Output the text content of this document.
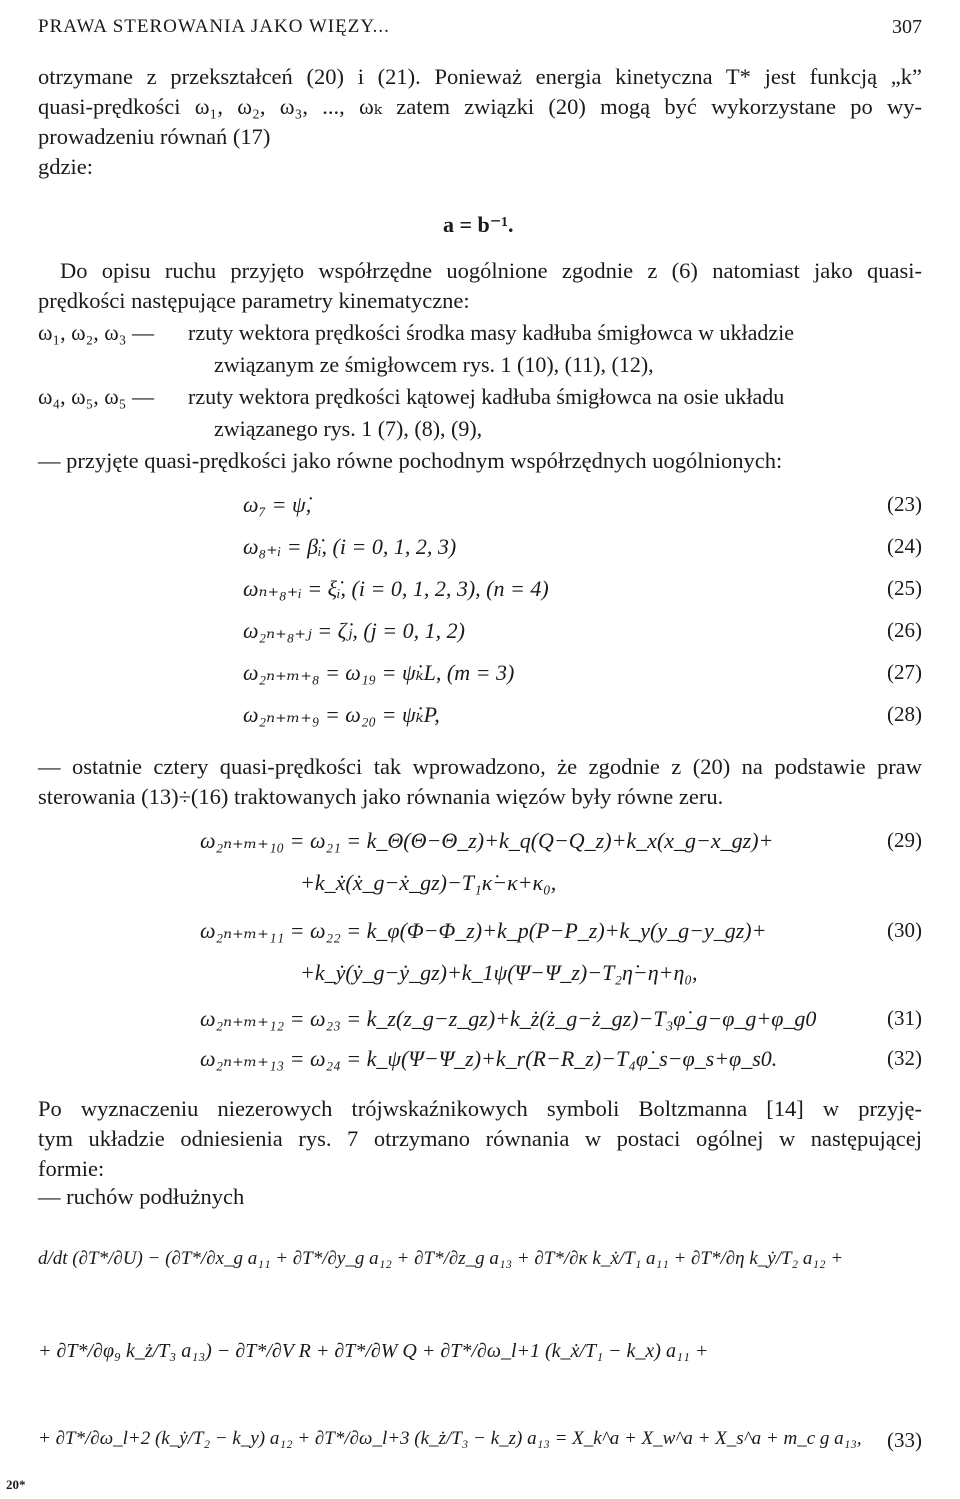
PRAWA STEROWANIA JAKO WIĘZY...	307
otrzymane z przekształceń (20) i (21). Ponieważ energia kinetyczna T* jest funkcją „k”
quasi-prędkości ω₁, ω₂, ω₃, ..., ωₖ zatem związki (20) mogą być wykorzystane po wy-
prowadzeniu równań (17)
gdzie:
a = b⁻¹.
Do opisu ruchu przyjęto współrzędne uogólnione zgodnie z (6) natomiast jako quasi-
prędkości następujące parametry kinematyczne:
ω₁, ω₂, ω₃ — rzuty wektora prędkości środka masy kadłuba śmigłowca w układzie
związanym ze śmigłowcem rys. 1 (10), (11), (12),
ω₄, ω₅, ω₅ — rzuty wektora prędkości kątowej kadłuba śmigłowca na osie układu
związanego rys. 1 (7), (8), (9),
— przyjęte quasi-prędkości jako równe pochodnym współrzędnych uogólnionych:
ω₇ = ψ̇,	(23)
ω₈₊ᵢ = β̇ᵢ, (i = 0, 1, 2, 3)	(24)
ωₙ₊₈₊ᵢ = ξ̇ᵢ, (i = 0, 1, 2, 3), (n = 4)	(25)
ω₂ₙ₊₈₊ⱼ = ζ̇ⱼ, (j = 0, 1, 2)	(26)
ω₂ₙ₊ₘ₊₈ = ω₁₉ = ψ̇ₖL, (m = 3)	(27)
ω₂ₙ₊ₘ₊₉ = ω₂₀ = ψ̇ₖP,	(28)
— ostatnie cztery quasi-prędkości tak wprowadzono, że zgodnie z (20) na podstawie praw
sterowania (13)÷(16) traktowanych jako równania więzów były równe zeru.
ω₂ₙ₊ₘ₊₁₀ = ω₂₁ = k_Θ(Θ−Θ_z)+k_q(Q−Q_z)+k_x(x_g−x_gz)+	(29)
+k_ẋ(ẋ_g−ẋ_gz)−T₁κ̇−κ+κ₀,
ω₂ₙ₊ₘ₊₁₁ = ω₂₂ = k_φ(Φ−Φ_z)+k_p(P−P_z)+k_y(y_g−y_gz)+	(30)
+k_ẏ(ẏ_g−ẏ_gz)+k_1ψ(Ψ−Ψ_z)−T₂η̇−η+η₀,
ω₂ₙ₊ₘ₊₁₂ = ω₂₃ = k_z(z_g−z_gz)+k_ż(ż_g−ż_gz)−T₃φ̇_g−φ_g+φ_g0	(31)
ω₂ₙ₊ₘ₊₁₃ = ω₂₄ = k_ψ(Ψ−Ψ_z)+k_r(R−R_z)−T₄φ̇_s−φ_s+φ_s0.	(32)
Po wyznaczeniu niezerowych trójwskaźnikowych symboli Boltzmanna [14] w przyję-
tym układzie odniesienia rys. 7 otrzymano równania w postaci ogólnej w następującej
formie:
— ruchów podłużnych
d/dt (∂T*/∂U) − (∂T*/∂x_g a₁₁ + ∂T*/∂y_g a₁₂ + ∂T*/∂z_g a₁₃ + ∂T*/∂κ k_ẋ/T₁ a₁₁ + ∂T*/∂η k_ẏ/T₂ a₁₂ +
+ ∂T*/∂φ₉ k_ż/T₃ a₁₃) − ∂T*/∂V R + ∂T*/∂W Q + ∂T*/∂ω_l+1 (k_ẋ/T₁ − k_x) a₁₁ +
+ ∂T*/∂ω_l+2 (k_ẏ/T₂ − k_y) a₁₂ + ∂T*/∂ω_l+3 (k_ż/T₃ − k_z) a₁₃ = X_k^a + X_w^a + X_s^a + m_c g a₁₃, (33)
20*
